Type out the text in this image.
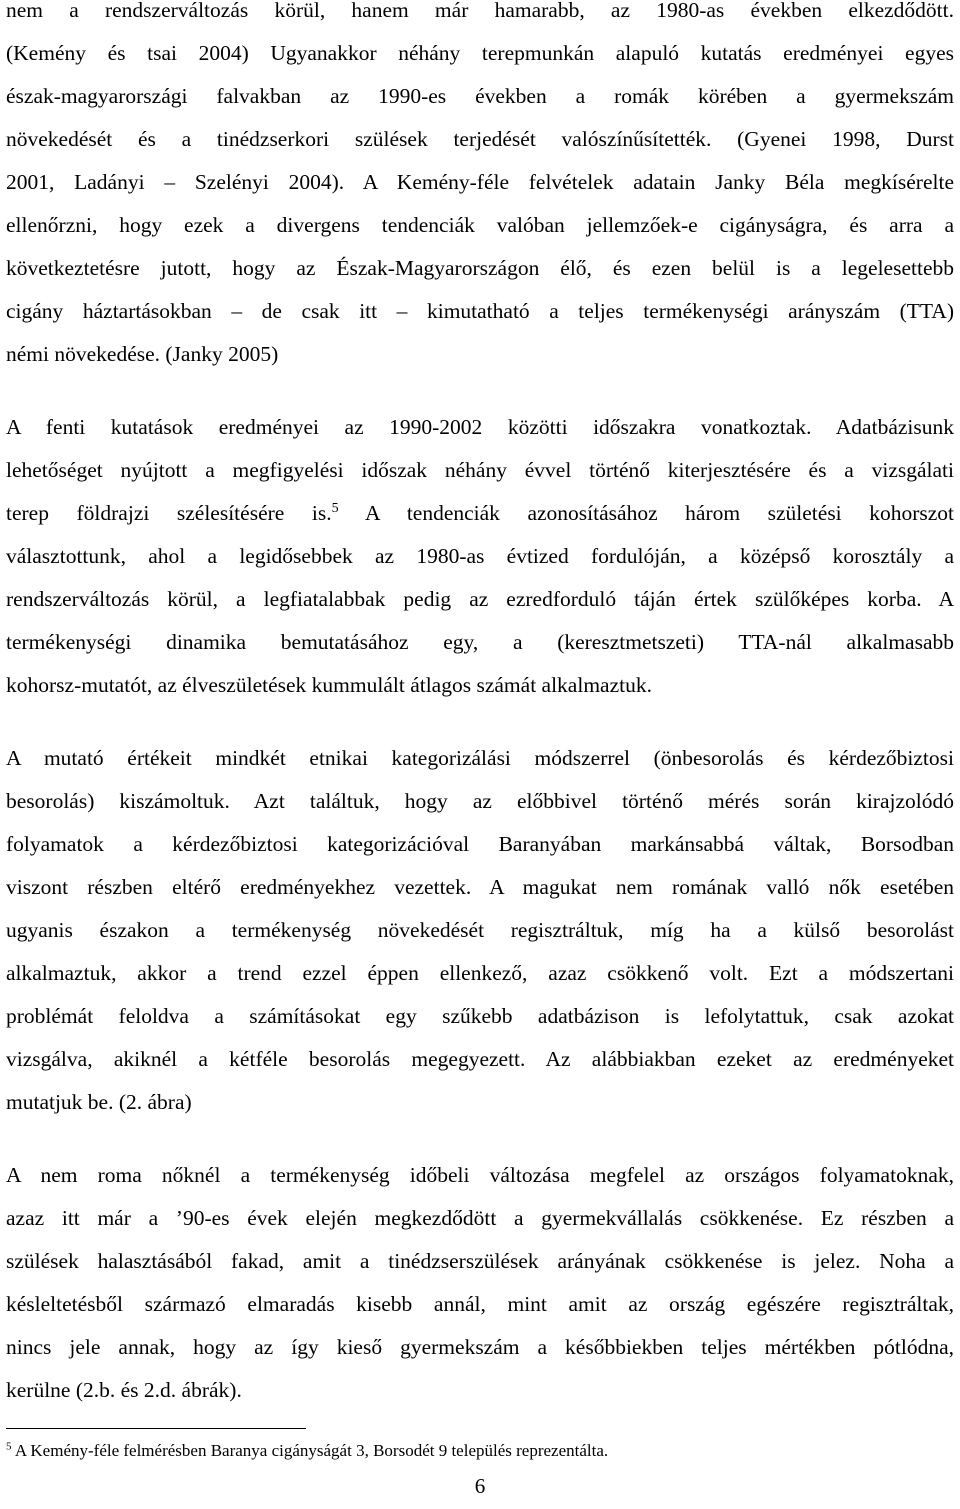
nem a rendszerváltozás körül, hanem már hamarabb, az 1980-as években elkezdődött.
(Kemény és tsai 2004) Ugyanakkor néhány terepmunkán alapuló kutatás eredményei egyes
észak-magyarországi falvakban az 1990-es években a romák körében a gyermekszám
növekedését és a tinédzserkori szülések terjedését valószínűsítették. (Gyenei 1998, Durst
2001, Ladányi – Szelényi 2004). A Kemény-féle felvételek adatain Janky Béla megkísérelte
ellenőrzni, hogy ezek a divergens tendenciák valóban jellemzőek-e cigányságra, és arra a
következtetésre jutott, hogy az Észak-Magyarországon élő, és ezen belül is a legelesettebb
cigány háztartásokban – de csak itt – kimutatható a teljes termékenységi arányszám (TTA)
némi növekedése. (Janky 2005)
A fenti kutatások eredményei az 1990-2002 közötti időszakra vonatkoztak. Adatbázisunk
lehetőséget nyújtott a megfigyelési időszak néhány évvel történő kiterjesztésére és a vizsgálati
terep földrajzi szélesítésére is.$^5$ A tendenciák azonosításához három születési kohorszot
választottunk, ahol a legidősebbek az 1980-as évtized fordulóján, a középső korosztály a
rendszerváltozás körül, a legfiatalabbak pedig az ezredforduló táján értek szülőképes korba. A
termékenységi dinamika bemutatásához egy, a (keresztmetszeti) TTA-nál alkalmasabb
kohorsz-mutatót, az élveszületések kummulált átlagos számát alkalmaztuk.
A mutató értékeit mindkét etnikai kategorizálási módszerrel (önbesorolás és kérdezőbiztosi
besorolás) kiszámoltuk. Azt találtuk, hogy az előbbivel történő mérés során kirajzolódó
folyamatok a kérdezőbiztosi kategorizációval Baranyában markánsabbá váltak, Borsodban
viszont részben eltérő eredményekhez vezettek. A magukat nem romának valló nők esetében
ugyanis északon a termékenység növekedését regisztráltuk, míg ha a külső besorolást
alkalmaztuk, akkor a trend ezzel éppen ellenkező, azaz csökkenő volt. Ezt a módszertani
problémát feloldva a számításokat egy szűkebb adatbázison is lefolytattuk, csak azokat
vizsgálva, akiknél a kétféle besorolás megegyezett. Az alábbiakban ezeket az eredményeket
mutatjuk be. (2. ábra)
A nem roma nőknél a termékenység időbeli változása megfelel az országos folyamatoknak,
azaz itt már a ’90-es évek elején megkezdődött a gyermekvállalás csökkenése. Ez részben a
szülések halasztásából fakad, amit a tinédzserszülések arányának csökkenése is jelez. Noha a
késleltetésből származó elmaradás kisebb annál, mint amit az ország egészére regisztráltak,
nincs jele annak, hogy az így kieső gyermekszám a későbbiekben teljes mértékben pótlódna,
kerülne (2.b. és 2.d. ábrák).
$^5$ A Kemény-féle felmérésben Baranya cigányságát 3, Borsodét 9 település reprezentálta.
6
